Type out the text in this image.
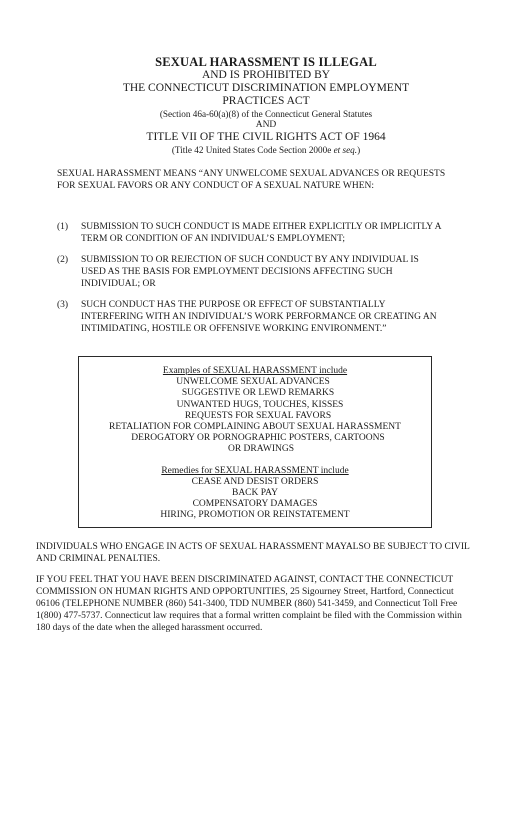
SEXUAL HARASSMENT IS ILLEGAL
AND IS PROHIBITED BY
THE CONNECTICUT DISCRIMINATION EMPLOYMENT
PRACTICES ACT
(Section 46a-60(a)(8) of the Connecticut General Statutes
AND
TITLE VII OF THE CIVIL RIGHTS ACT OF 1964
(Title 42 United States Code Section 2000e et seq.)
SEXUAL HARASSMENT MEANS “ANY UNWELCOME SEXUAL ADVANCES OR REQUESTS FOR SEXUAL FAVORS OR ANY CONDUCT OF A SEXUAL NATURE WHEN:
(1) SUBMISSION TO SUCH CONDUCT IS MADE EITHER EXPLICITLY OR IMPLICITLY A TERM OR CONDITION OF AN INDIVIDUAL’S EMPLOYMENT;
(2) SUBMISSION TO OR REJECTION OF SUCH CONDUCT BY ANY INDIVIDUAL IS USED AS THE BASIS FOR EMPLOYMENT DECISIONS AFFECTING SUCH INDIVIDUAL; OR
(3) SUCH CONDUCT HAS THE PURPOSE OR EFFECT OF SUBSTANTIALLY INTERFERING WITH AN INDIVIDUAL’S WORK PERFORMANCE OR CREATING AN INTIMIDATING, HOSTILE OR OFFENSIVE WORKING ENVIRONMENT.”
Examples of SEXUAL HARASSMENT include
UNWELCOME SEXUAL ADVANCES
SUGGESTIVE OR LEWD REMARKS
UNWANTED HUGS, TOUCHES, KISSES
REQUESTS FOR SEXUAL FAVORS
RETALIATION FOR COMPLAINING ABOUT SEXUAL HARASSMENT
DEROGATORY OR PORNOGRAPHIC POSTERS, CARTOONS
OR DRAWINGS
Remedies for SEXUAL HARASSMENT include
CEASE AND DESIST ORDERS
BACK PAY
COMPENSATORY DAMAGES
HIRING, PROMOTION OR REINSTATEMENT
INDIVIDUALS WHO ENGAGE IN ACTS OF SEXUAL HARASSMENT MAYALSO BE SUBJECT TO CIVIL AND CRIMINAL PENALTIES.
IF YOU FEEL THAT YOU HAVE BEEN DISCRIMINATED AGAINST, CONTACT THE CONNECTICUT COMMISSION ON HUMAN RIGHTS AND OPPORTUNITIES, 25 Sigourney Street, Hartford, Connecticut 06106 (TELEPHONE NUMBER (860) 541-3400, TDD NUMBER (860) 541-3459, and Connecticut Toll Free 1(800) 477-5737. Connecticut law requires that a formal written complaint be filed with the Commission within 180 days of the date when the alleged harassment occurred.
